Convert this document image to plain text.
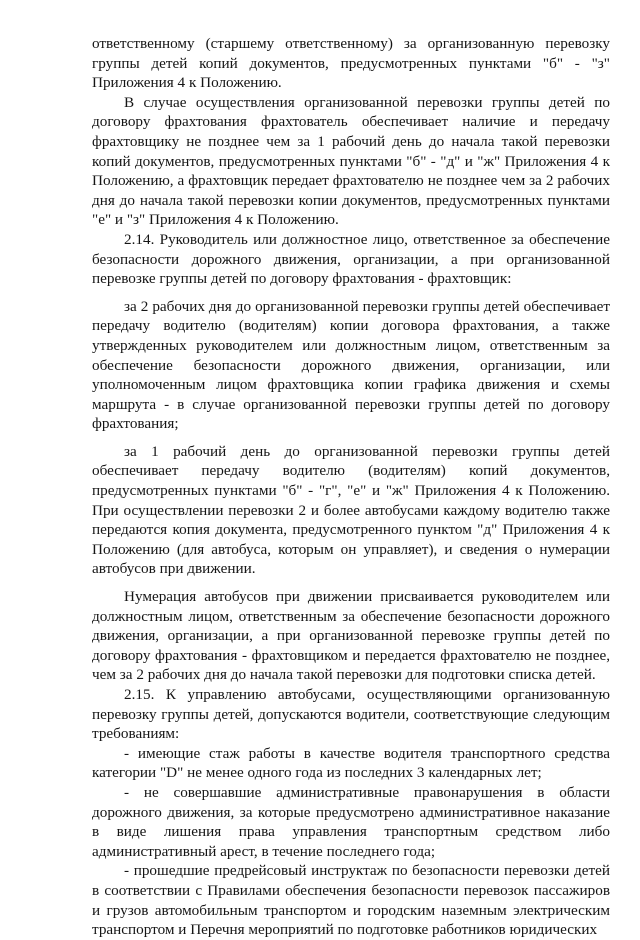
ответственному (старшему ответственному) за организованную перевозку группы детей копий документов, предусмотренных пунктами "б" - "з" Приложения 4 к Положению.

В случае осуществления организованной перевозки группы детей по договору фрахтования фрахтователь обеспечивает наличие и передачу фрахтовщику не позднее чем за 1 рабочий день до начала такой перевозки копий документов, предусмотренных пунктами "б" - "д" и "ж" Приложения 4 к Положению, а фрахтовщик передает фрахтователю не позднее чем за 2 рабочих дня до начала такой перевозки копии документов, предусмотренных пунктами "е" и "з" Приложения 4 к Положению.

2.14. Руководитель или должностное лицо, ответственное за обеспечение безопасности дорожного движения, организации, а при организованной перевозке группы детей по договору фрахтования - фрахтовщик:

за 2 рабочих дня до организованной перевозки группы детей обеспечивает передачу водителю (водителям) копии договора фрахтования, а также утвержденных руководителем или должностным лицом, ответственным за обеспечение безопасности дорожного движения, организации, или уполномоченным лицом фрахтовщика копии графика движения и схемы маршрута - в случае организованной перевозки группы детей по договору фрахтования;

за 1 рабочий день до организованной перевозки группы детей обеспечивает передачу водителю (водителям) копий документов, предусмотренных пунктами "б" - "г", "е" и "ж" Приложения 4 к Положению. При осуществлении перевозки 2 и более автобусами каждому водителю также передаются копия документа, предусмотренного пунктом "д" Приложения 4 к Положению (для автобуса, которым он управляет), и сведения о нумерации автобусов при движении.

Нумерация автобусов при движении присваивается руководителем или должностным лицом, ответственным за обеспечение безопасности дорожного движения, организации, а при организованной перевозке группы детей по договору фрахтования - фрахтовщиком и передается фрахтователю не позднее, чем за 2 рабочих дня до начала такой перевозки для подготовки списка детей.

2.15. К управлению автобусами, осуществляющими организованную перевозку группы детей, допускаются водители, соответствующие следующим требованиям:

- имеющие стаж работы в качестве водителя транспортного средства категории "D" не менее одного года из последних 3 календарных лет;

- не совершавшие административные правонарушения в области дорожного движения, за которые предусмотрено административное наказание в виде лишения права управления транспортным средством либо административный арест, в течение последнего года;

- прошедшие предрейсовый инструктаж по безопасности перевозки детей в соответствии с Правилами обеспечения безопасности перевозок пассажиров и грузов автомобильным транспортом и городским наземным электрическим транспортом и Перечня мероприятий по подготовке работников юридических
